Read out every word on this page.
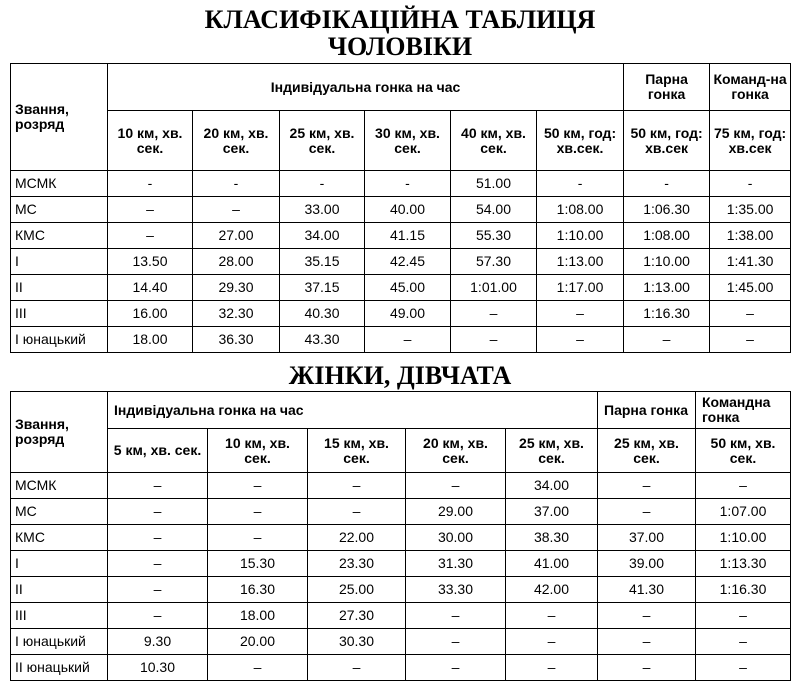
КЛАСИФІКАЦІЙНА ТАБЛИЦЯ
ЧОЛОВІКИ
Звання, розряд	Індивідуальна гонка на час						Парна гонка	Команд-на гонка
	10 км, хв. сек.	20 км, хв. сек.	25 км, хв. сек.	30 км, хв. сек.	40 км, хв. сек.	50 км, год: хв.сек.	50 км, год: хв.сек	75 км, год: хв.сек
МСМК	-	-	-	-	51.00	-	-	-
МС	–	–	33.00	40.00	54.00	1:08.00	1:06.30	1:35.00
КМС	–	27.00	34.00	41.15	55.30	1:10.00	1:08.00	1:38.00
І	13.50	28.00	35.15	42.45	57.30	1:13.00	1:10.00	1:41.30
ІІ	14.40	29.30	37.15	45.00	1:01.00	1:17.00	1:13.00	1:45.00
ІІІ	16.00	32.30	40.30	49.00	–	–	1:16.30	–
І юнацький	18.00	36.30	43.30	–	–	–	–	–
ЖІНКИ, ДІВЧАТА
Звання, розряд	Індивідуальна гонка на час					Парна гонка	Командна гонка
	5 км, хв. сек.	10 км, хв. сек.	15 км, хв. сек.	20 км, хв. сек.	25 км, хв. сек.	25 км, хв. сек.	50 км, хв. сек.
МСМК	–	–	–	–	34.00	–	–
МС	–	–	–	29.00	37.00	–	1:07.00
КМС	–	–	22.00	30.00	38.30	37.00	1:10.00
І	–	15.30	23.30	31.30	41.00	39.00	1:13.30
ІІ	–	16.30	25.00	33.30	42.00	41.30	1:16.30
ІІІ	–	18.00	27.30	–	–	–	–
І юнацький	9.30	20.00	30.30	–	–	–	–
ІІ юнацький	10.30	–	–	–	–	–	–
